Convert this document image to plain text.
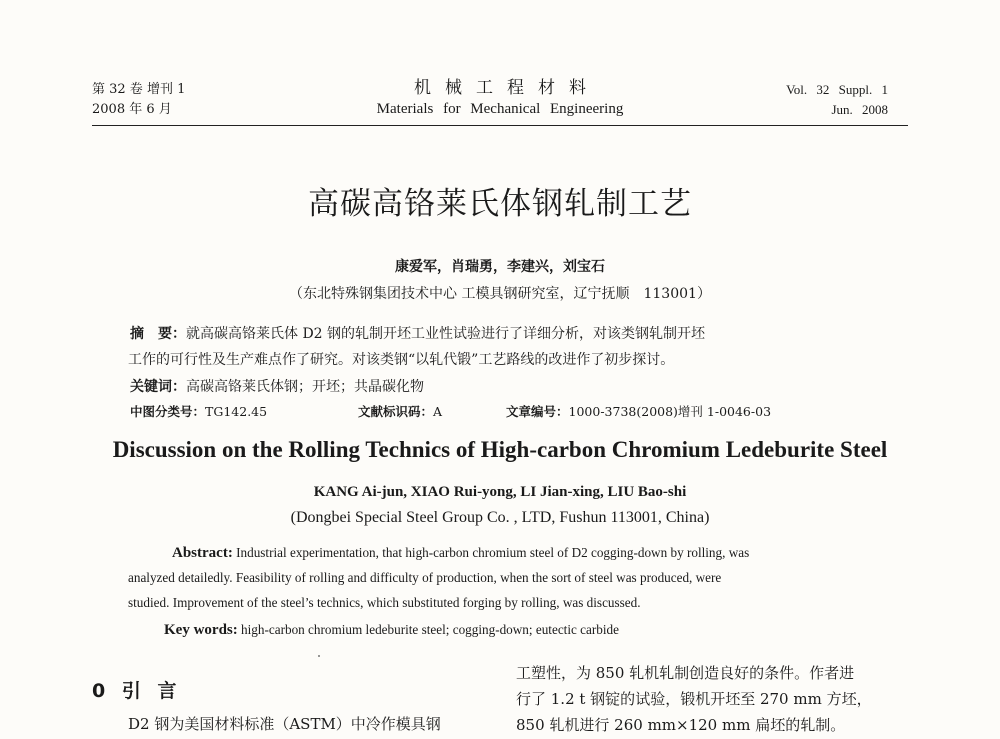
第 32 卷 增刊 1
2008 年 6 月
机械工程材料
Materials for Mechanical Engineering
Vol. 32 Suppl. 1
Jun. 2008
高碳高铬莱氏体钢轧制工艺
康爱军，肖瑞勇，李建兴，刘宝石
（东北特殊钢集团技术中心 工模具钢研究室，辽宁抚顺　113001）
摘　要：就高碳高铬莱氏体 D2 钢的轧制开坯工业性试验进行了详细分析，对该类钢轧制开坯
工作的可行性及生产难点作了研究。对该类钢“以轧代锻”工艺路线的改进作了初步探讨。
关键词：高碳高铬莱氏体钢；开坯；共晶碳化物
中图分类号：TG142.45	文献标识码：A	文章编号：1000-3738(2008)增刊 1-0046-03
Discussion on the Rolling Technics of High-carbon Chromium Ledeburite Steel
KANG Ai-jun, XIAO Rui-yong, LI Jian-xing, LIU Bao-shi
(Dongbei Special Steel Group Co. , LTD, Fushun 113001, China)
Abstract: Industrial experimentation, that high-carbon chromium steel of D2 cogging-down by rolling, was
analyzed detailedly. Feasibility of rolling and difficulty of production, when the sort of steel was produced, were
studied. Improvement of the steel’s technics, which substituted forging by rolling, was discussed.
Key words: high-carbon chromium ledeburite steel; cogging-down; eutectic carbide
0 引 言
D2 钢为美国材料标准（ASTM）中冷作模具钢
工塑性，为 850 轧机轧制创造良好的条件。作者进
行了 1.2 t 钢锭的试验，锻机开坯至 270 mm 方坯，
850 轧机进行 260 mm×120 mm 扁坯的轧制。
